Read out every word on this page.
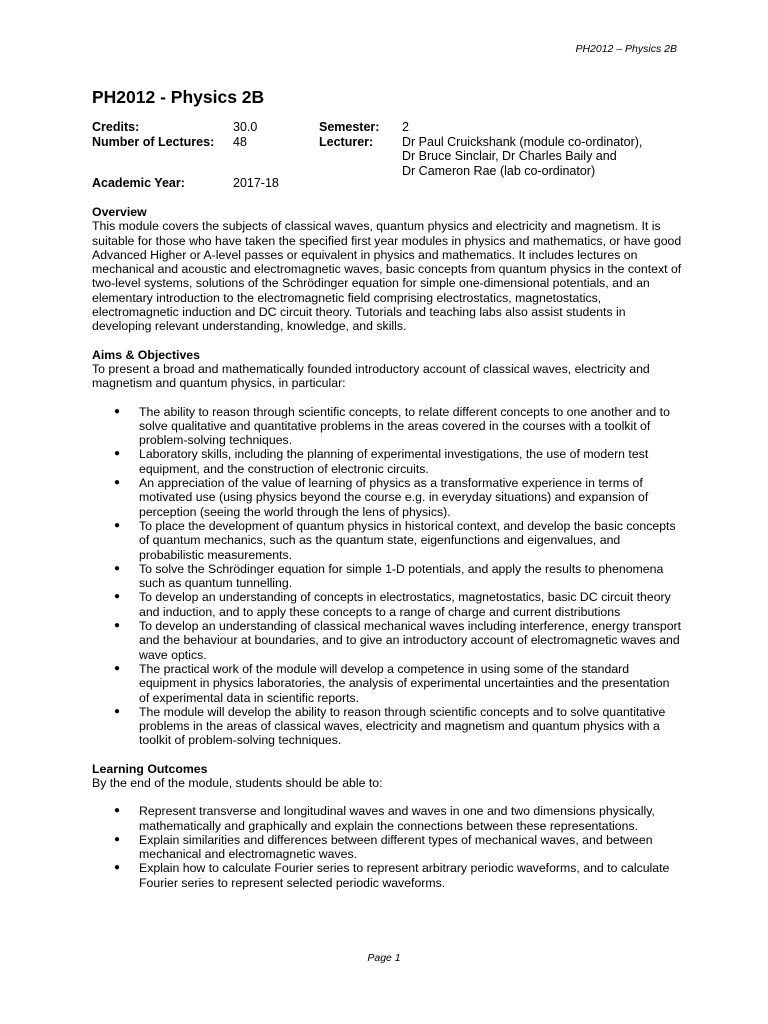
PH2012 – Physics 2B
PH2012 - Physics 2B
Credits:
Number of Lectures:
30.0
48
Semester:
Lecturer:
2
Dr Paul Cruickshank (module co-ordinator),
Dr Bruce Sinclair, Dr Charles Baily and
Dr Cameron Rae (lab co-ordinator)
Academic Year:	2017-18
Overview

This module covers the subjects of classical waves, quantum physics and electricity and magnetism. It is suitable for those who have taken the specified first year modules in physics and mathematics, or have good Advanced Higher or A-level passes or equivalent in physics and mathematics. It includes lectures on mechanical and acoustic and electromagnetic waves, basic concepts from quantum physics in the context of two-level systems, solutions of the Schrödinger equation for simple one-dimensional potentials, and an elementary introduction to the electromagnetic field comprising electrostatics, magnetostatics, electromagnetic induction and DC circuit theory. Tutorials and teaching labs also assist students in developing relevant understanding, knowledge, and skills.

Aims & Objectives

To present a broad and mathematically founded introductory account of classical waves, electricity and magnetism and quantum physics, in particular:

● The ability to reason through scientific concepts, to relate different concepts to one another and to solve qualitative and quantitative problems in the areas covered in the courses with a toolkit of problem-solving techniques.
● Laboratory skills, including the planning of experimental investigations, the use of modern test equipment, and the construction of electronic circuits.
● An appreciation of the value of learning of physics as a transformative experience in terms of motivated use (using physics beyond the course e.g. in everyday situations) and expansion of perception (seeing the world through the lens of physics).
● To place the development of quantum physics in historical context, and develop the basic concepts of quantum mechanics, such as the quantum state, eigenfunctions and eigenvalues, and probabilistic measurements.
● To solve the Schrödinger equation for simple 1-D potentials, and apply the results to phenomena such as quantum tunnelling.
● To develop an understanding of concepts in electrostatics, magnetostatics, basic DC circuit theory and induction, and to apply these concepts to a range of charge and current distributions
● To develop an understanding of classical mechanical waves including interference, energy transport and the behaviour at boundaries, and to give an introductory account of electromagnetic waves and wave optics.
● The practical work of the module will develop a competence in using some of the standard equipment in physics laboratories, the analysis of experimental uncertainties and the presentation of experimental data in scientific reports.
● The module will develop the ability to reason through scientific concepts and to solve quantitative problems in the areas of classical waves, electricity and magnetism and quantum physics with a toolkit of problem-solving techniques.
Learning Outcomes

By the end of the module, students should be able to:

● Represent transverse and longitudinal waves and waves in one and two dimensions physically, mathematically and graphically and explain the connections between these representations.
● Explain similarities and differences between different types of mechanical waves, and between mechanical and electromagnetic waves.
● Explain how to calculate Fourier series to represent arbitrary periodic waveforms, and to calculate Fourier series to represent selected periodic waveforms.
Page 1
